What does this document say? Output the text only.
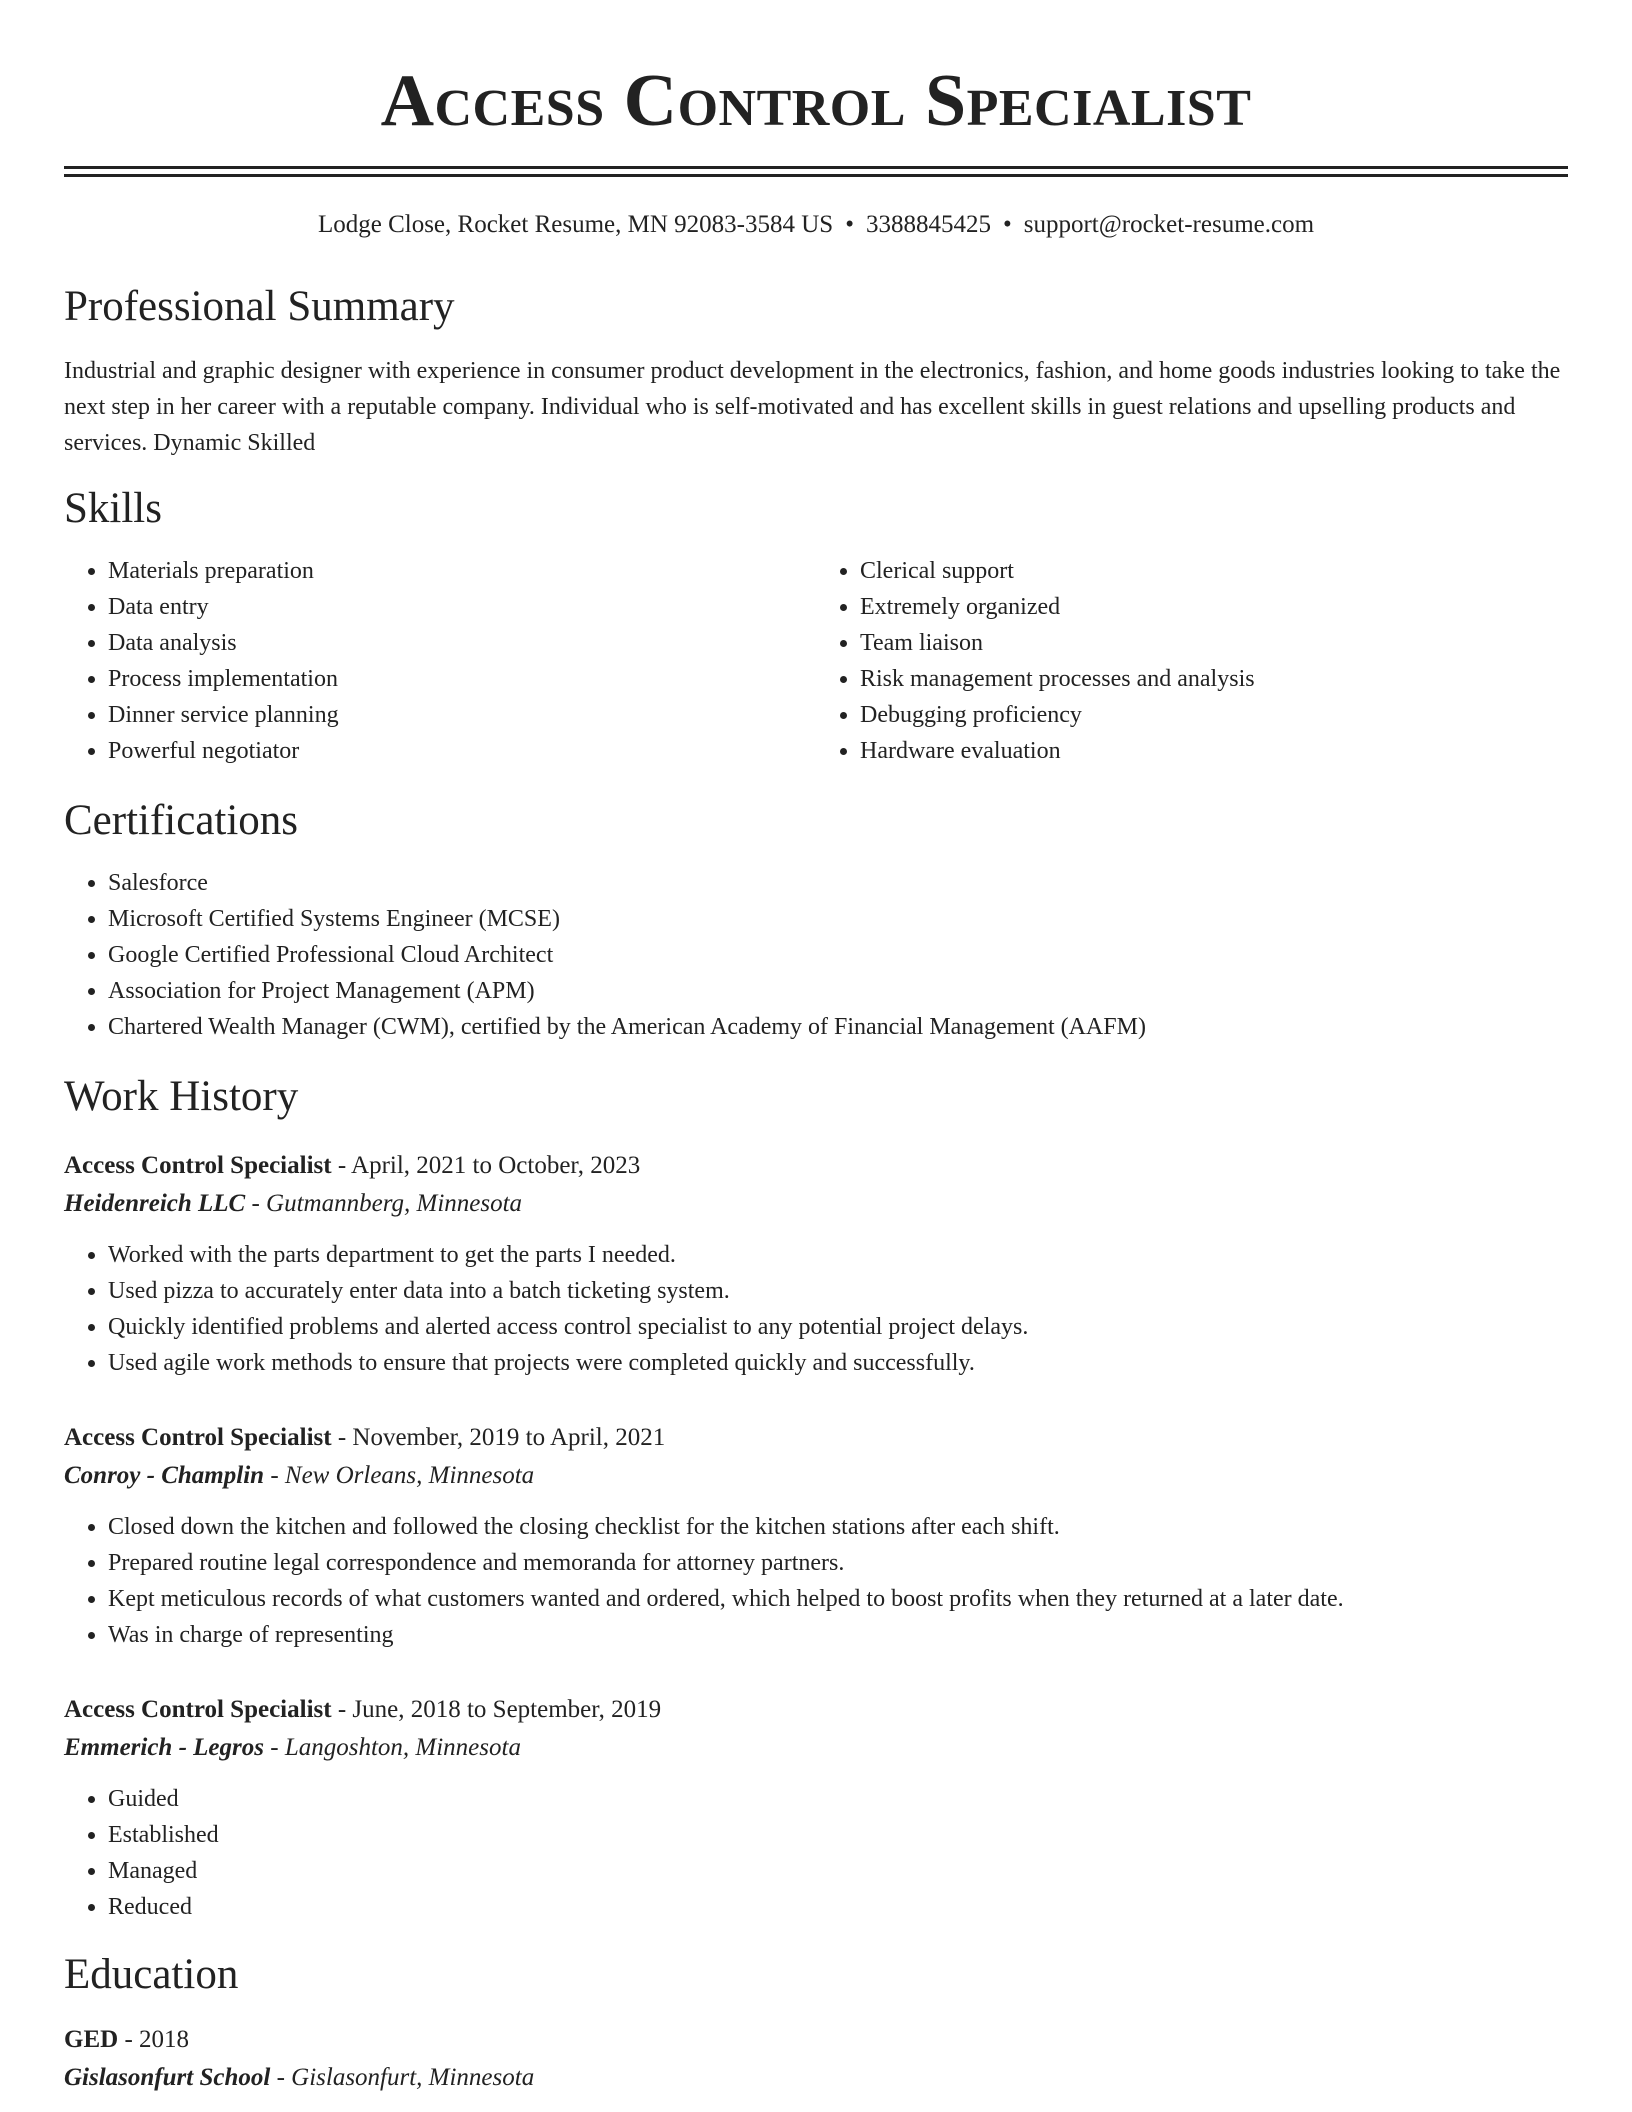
Access Control Specialist
Lodge Close, Rocket Resume, MN 92083-3584 US • 3388845425 • support@rocket-resume.com
Professional Summary
Industrial and graphic designer with experience in consumer product development in the electronics, fashion, and home goods industries looking to take the next step in her career with a reputable company. Individual who is self-motivated and has excellent skills in guest relations and upselling products and services. Dynamic Skilled
Skills
• Materials preparation
• Data entry
• Data analysis
• Process implementation
• Dinner service planning
• Powerful negotiator
• Clerical support
• Extremely organized
• Team liaison
• Risk management processes and analysis
• Debugging proficiency
• Hardware evaluation
Certifications
• Salesforce
• Microsoft Certified Systems Engineer (MCSE)
• Google Certified Professional Cloud Architect
• Association for Project Management (APM)
• Chartered Wealth Manager (CWM), certified by the American Academy of Financial Management (AAFM)
Work History
Access Control Specialist - April, 2021 to October, 2023
Heidenreich LLC - Gutmannberg, Minnesota
• Worked with the parts department to get the parts I needed.
• Used pizza to accurately enter data into a batch ticketing system.
• Quickly identified problems and alerted access control specialist to any potential project delays.
• Used agile work methods to ensure that projects were completed quickly and successfully.
Access Control Specialist - November, 2019 to April, 2021
Conroy - Champlin - New Orleans, Minnesota
• Closed down the kitchen and followed the closing checklist for the kitchen stations after each shift.
• Prepared routine legal correspondence and memoranda for attorney partners.
• Kept meticulous records of what customers wanted and ordered, which helped to boost profits when they returned at a later date.
• Was in charge of representing
Access Control Specialist - June, 2018 to September, 2019
Emmerich - Legros - Langoshton, Minnesota
• Guided
• Established
• Managed
• Reduced
Education
GED - 2018
Gislasonfurt School - Gislasonfurt, Minnesota
